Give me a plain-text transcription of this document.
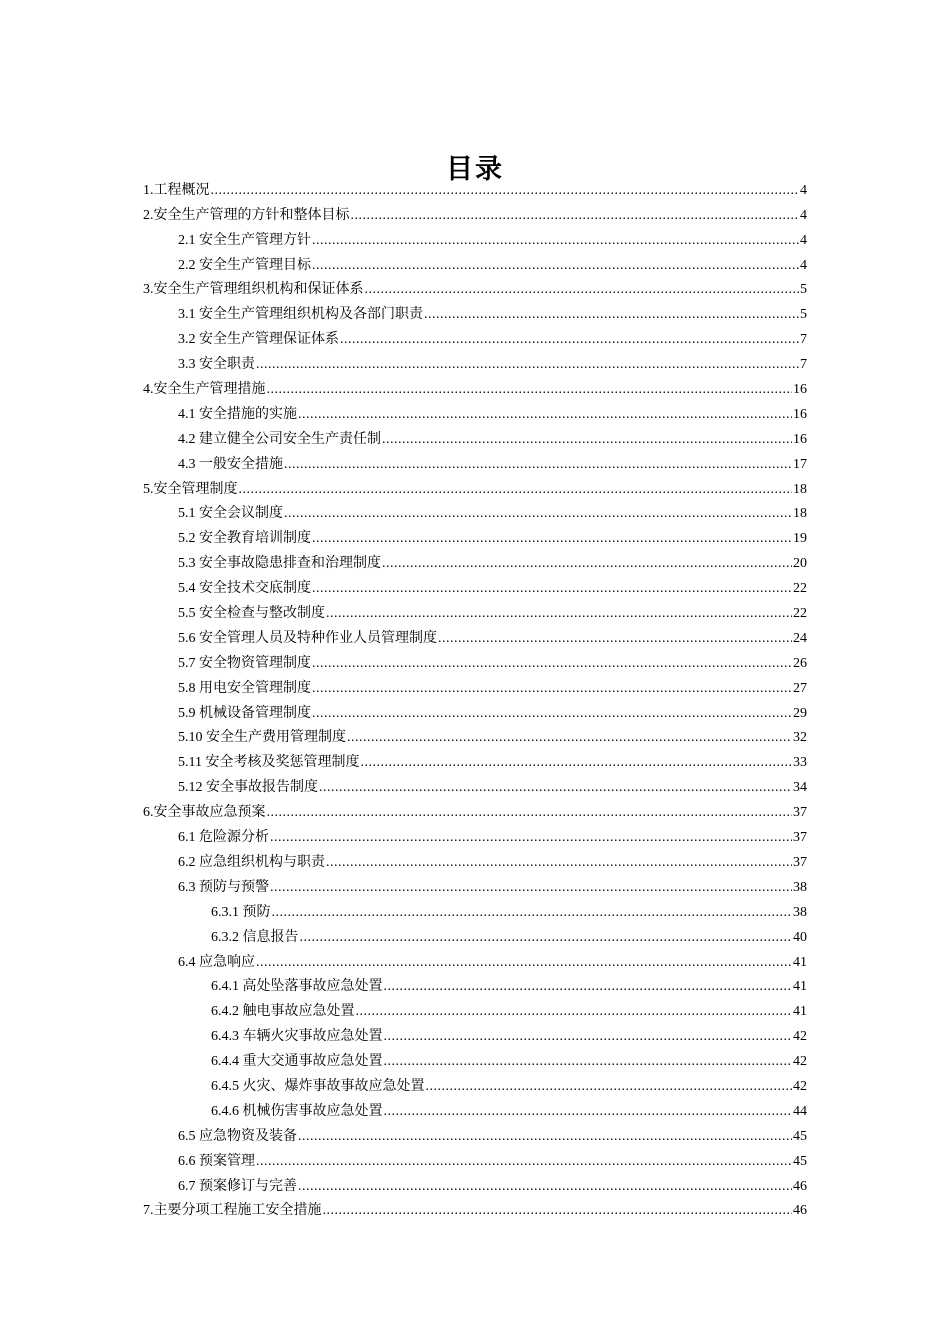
目录
1.工程概况 .....	4
2.安全生产管理的方针和整体目标 .....	4
2.1 安全生产管理方针 .....	4
2.2 安全生产管理目标 .....	4
3.安全生产管理组织机构和保证体系 .....	5
3.1 安全生产管理组织机构及各部门职责 .....	5
3.2 安全生产管理保证体系 .....	7
3.3 安全职责 .....	7
4.安全生产管理措施 .....	16
4.1 安全措施的实施 .....	16
4.2 建立健全公司安全生产责任制 .....	16
4.3 一般安全措施 .....	17
5.安全管理制度 .....	18
5.1 安全会议制度 .....	18
5.2 安全教育培训制度 .....	19
5.3 安全事故隐患排查和治理制度 .....	20
5.4 安全技术交底制度 .....	22
5.5 安全检查与整改制度 .....	22
5.6 安全管理人员及特种作业人员管理制度 .....	24
5.7 安全物资管理制度 .....	26
5.8 用电安全管理制度 .....	27
5.9 机械设备管理制度 .....	29
5.10 安全生产费用管理制度 .....	32
5.11 安全考核及奖惩管理制度 .....	33
5.12 安全事故报告制度 .....	34
6.安全事故应急预案 .....	37
6.1 危险源分析 .....	37
6.2 应急组织机构与职责 .....	37
6.3 预防与预警 .....	38
6.3.1 预防 .....	38
6.3.2 信息报告 .....	40
6.4 应急响应 .....	41
6.4.1 高处坠落事故应急处置 .....	41
6.4.2 触电事故应急处置 .....	41
6.4.3 车辆火灾事故应急处置 .....	42
6.4.4 重大交通事故应急处置 .....	42
6.4.5 火灾、爆炸事故事故应急处置 .....	42
6.4.6 机械伤害事故应急处置 .....	44
6.5 应急物资及装备 .....	45
6.6 预案管理 .....	45
6.7 预案修订与完善 .....	46
7.主要分项工程施工安全措施 .....	46
